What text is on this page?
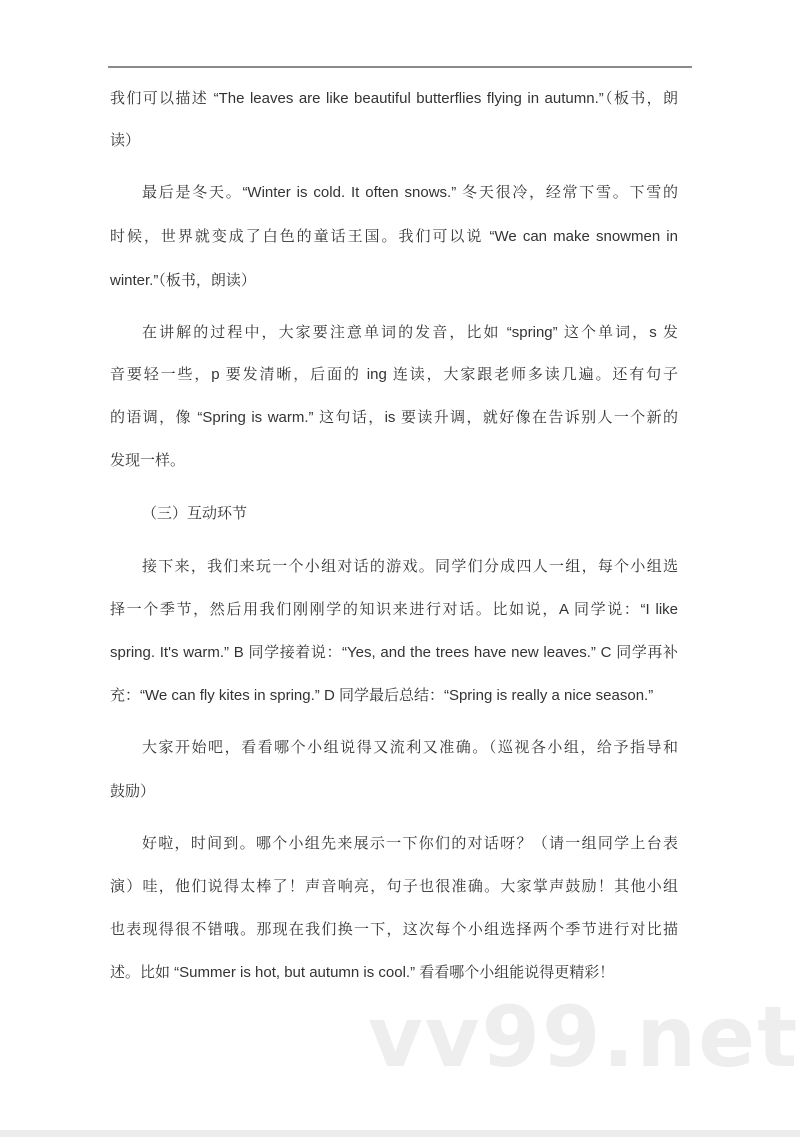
我们可以描述 “The leaves are like beautiful butterflies flying in autumn.”（板书，朗
读）
最后是冬天。“Winter is cold. It often snows.” 冬天很冷，经常下雪。下雪的
时候，世界就变成了白色的童话王国。我们可以说 “We can make snowmen in
winter.”（板书，朗读）
在讲解的过程中，大家要注意单词的发音，比如 “spring” 这个单词，s 发
音要轻一些，p 要发清晰，后面的 ing 连读，大家跟老师多读几遍。还有句子
的语调，像 “Spring is warm.” 这句话，is 要读升调，就好像在告诉别人一个新的
发现一样。
（三）互动环节
接下来，我们来玩一个小组对话的游戏。同学们分成四人一组，每个小组选
择一个季节，然后用我们刚刚学的知识来进行对话。比如说，A 同学说：“I like
spring. It's warm.” B 同学接着说：“Yes, and the trees have new leaves.” C 同学再补
充：“We can fly kites in spring.” D 同学最后总结：“Spring is really a nice season.”
大家开始吧，看看哪个小组说得又流利又准确。（巡视各小组，给予指导和
鼓励）
好啦，时间到。哪个小组先来展示一下你们的对话呀？（请一组同学上台表
演）哇，他们说得太棒了！声音响亮，句子也很准确。大家掌声鼓励！其他小组
也表现得很不错哦。那现在我们换一下，这次每个小组选择两个季节进行对比描
述。比如 “Summer is hot, but autumn is cool.” 看看哪个小组能说得更精彩！
vv99.net
